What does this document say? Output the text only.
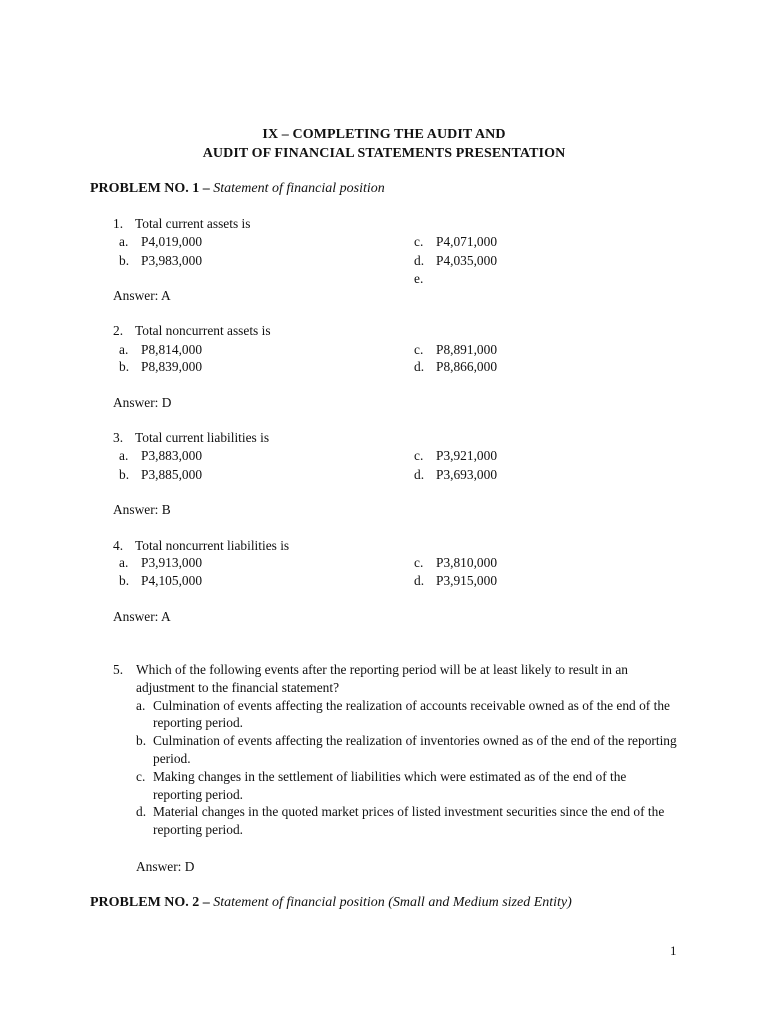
IX – COMPLETING THE AUDIT AND
AUDIT OF FINANCIAL STATEMENTS PRESENTATION
PROBLEM NO. 1 – Statement of financial position
1. Total current assets is
a. P4,019,000
b. P3,983,000
c. P4,071,000
d. P4,035,000
e.
Answer: A
2. Total noncurrent assets is
a. P8,814,000
b. P8,839,000
c. P8,891,000
d. P8,866,000
Answer: D
3. Total current liabilities is
a. P3,883,000
b. P3,885,000
c. P3,921,000
d. P3,693,000
Answer: B
4. Total noncurrent liabilities is
a. P3,913,000
b. P4,105,000
c. P3,810,000
d. P3,915,000
Answer: A
5. Which of the following events after the reporting period will be at least likely to result in an adjustment to the financial statement?
a. Culmination of events affecting the realization of accounts receivable owned as of the end of the reporting period.
b. Culmination of events affecting the realization of inventories owned as of the end of the reporting period.
c. Making changes in the settlement of liabilities which were estimated as of the end of the reporting period.
d. Material changes in the quoted market prices of listed investment securities since the end of the reporting period.
Answer: D
PROBLEM NO. 2 – Statement of financial position (Small and Medium sized Entity)
1
